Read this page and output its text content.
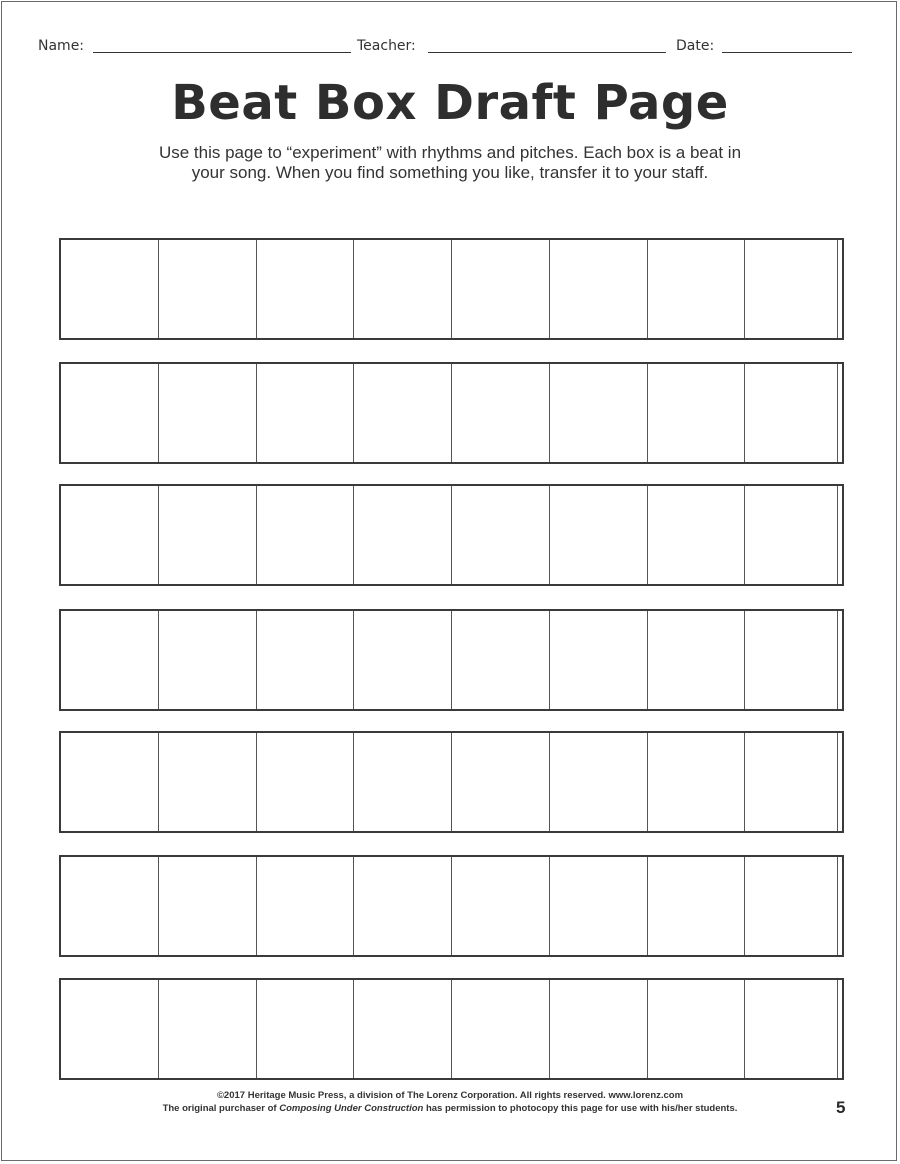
Name:	Teacher:	Date:
Beat Box Draft Page
Use this page to “experiment” with rhythms and pitches. Each box is a beat in
your song. When you find something you like, transfer it to your staff.
©2017 Heritage Music Press, a division of The Lorenz Corporation. All rights reserved. www.lorenz.com
The original purchaser of Composing Under Construction has permission to photocopy this page for use with his/her students.	5
